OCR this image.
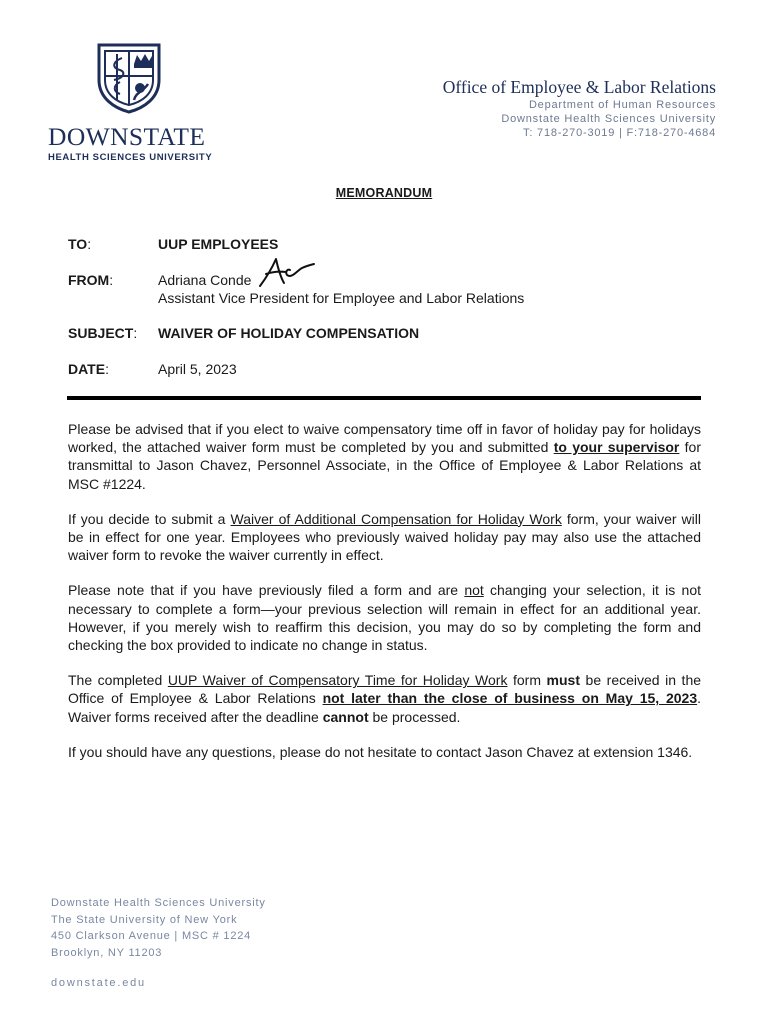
DOWNSTATE
HEALTH SCIENCES UNIVERSITY
Office of Employee & Labor Relations
Department of Human Resources
Downstate Health Sciences University
T: 718-270-3019 | F:718-270-4684
MEMORANDUM
TO:	UUP EMPLOYEES
FROM:	Adriana Conde
Assistant Vice President for Employee and Labor Relations
SUBJECT: WAIVER OF HOLIDAY COMPENSATION
DATE:	April 5, 2023

Please be advised that if you elect to waive compensatory time off in favor of holiday pay for holidays worked, the attached waiver form must be completed by you and submitted to your supervisor for transmittal to Jason Chavez, Personnel Associate, in the Office of Employee & Labor Relations at MSC #1224.

If you decide to submit a Waiver of Additional Compensation for Holiday Work form, your waiver will be in effect for one year. Employees who previously waived holiday pay may also use the attached waiver form to revoke the waiver currently in effect.

Please note that if you have previously filed a form and are not changing your selection, it is not necessary to complete a form—your previous selection will remain in effect for an additional year. However, if you merely wish to reaffirm this decision, you may do so by completing the form and checking the box provided to indicate no change in status.

The completed UUP Waiver of Compensatory Time for Holiday Work form must be received in the Office of Employee & Labor Relations not later than the close of business on May 15, 2023. Waiver forms received after the deadline cannot be processed.

If you should have any questions, please do not hesitate to contact Jason Chavez at extension 1346.

Downstate Health Sciences University
The State University of New York
450 Clarkson Avenue | MSC # 1224
Brooklyn, NY 11203
downstate.edu
